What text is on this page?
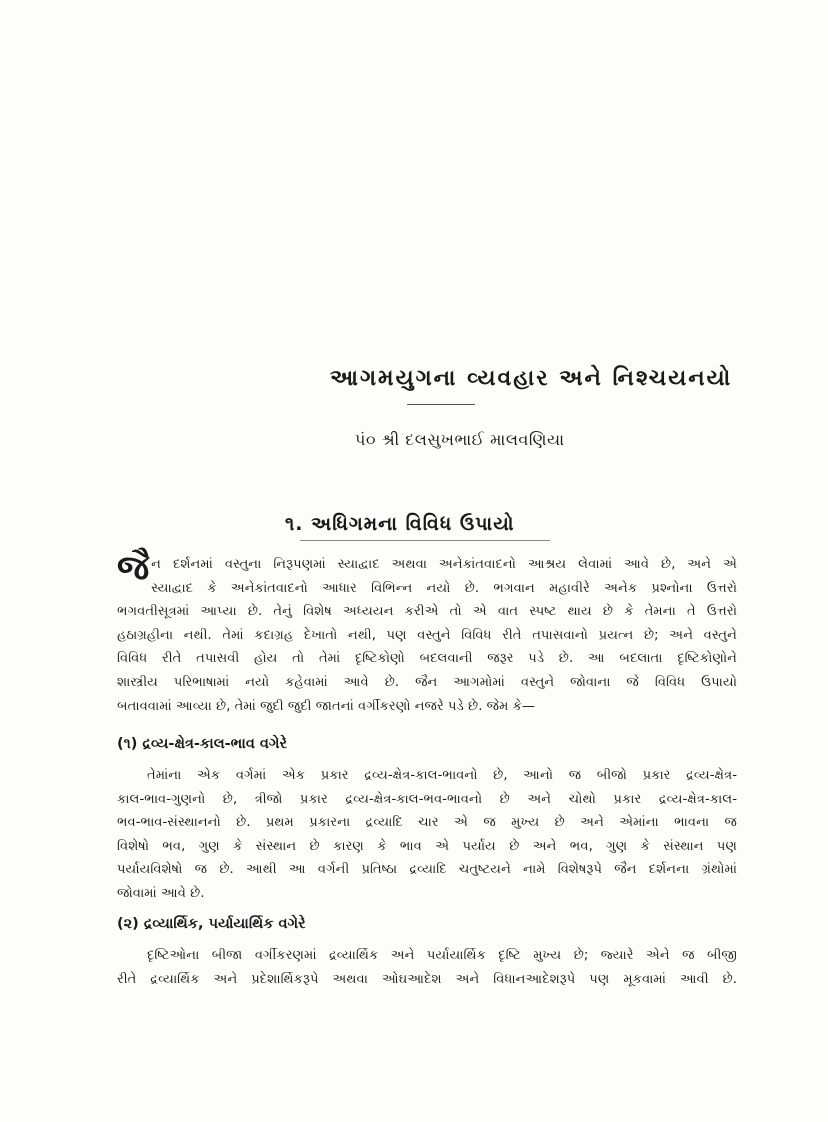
આગમયુગના વ્યવહાર અને નિશ્ચયનયો
પં૦ શ્રી દલસુખભાઈ માલવણિયા
૧. અધિગમના વિવિધ ઉપાયો
જૈ ન દર્શનમાં વસ્તુના નિરૂપણમાં સ્યાદ્વાદ અથવા અનેકાંતવાદનો આશ્રય લેવામાં આવે છે, અને એ
સ્યાદ્વાદ કે અનેકાંતવાદનો આધાર વિભિન્ન નયો છે. ભગવાન મહાવીરે અનેક પ્રશ્નોના ઉત્તરો
ભગવતીસૂત્રમાં આપ્યા છે. તેનું વિશેષ અધ્યયન કરીએ તો એ વાત સ્પષ્ટ થાય છે કે તેમના તે ઉત્તરો
હઠાગ્રહીના નથી. તેમાં કદાગ્રહ દેખાતો નથી, પણ વસ્તુને વિવિધ રીતે તપાસવાનો પ્રયત્ન છે; અને વસ્તુને
વિવિધ રીતે તપાસવી હોય તો તેમાં દૃષ્ટિકોણો બદલવાની જરૂર પડે છે. આ બદલાતા દૃષ્ટિકોણોને
શાસ્ત્રીય પરિભાષામાં નયો કહેવામાં આવે છે. જૈન આગમોમાં વસ્તુને જોવાના જે વિવિધ ઉપાયો
બતાવવામાં આવ્યા છે, તેમાં જુદી જુદી જાતનાં વર્ગીકરણો નજરે પડે છે. જેમ કે—
(૧) દ્રવ્ય-ક્ષેત્ર-કાલ-ભાવ વગેરે
તેમાંના એક વર્ગમાં એક પ્રકાર દ્રવ્ય-ક્ષેત્ર-કાલ-ભાવનો છે, આનો જ બીજો પ્રકાર દ્રવ્ય-ક્ષેત્ર-
કાલ-ભાવ-ગુણનો છે, ત્રીજો પ્રકાર દ્રવ્ય-ક્ષેત્ર-કાલ-ભવ-ભાવનો છે અને ચોથો પ્રકાર દ્રવ્ય-ક્ષેત્ર-કાલ-
ભવ-ભાવ-સંસ્થાનનો છે. પ્રથમ પ્રકારના દ્રવ્યાદિ ચાર એ જ મુખ્ય છે અને એમાંના ભાવના જ
વિશેષો ભવ, ગુણ કે સંસ્થાન છે કારણ કે ભાવ એ પર્યાય છે અને ભવ, ગુણ કે સંસ્થાન પણ
પર્યાયવિશેષો જ છે. આથી આ વર્ગની પ્રતિષ્ઠા દ્રવ્યાદિ ચતુષ્ટયને નામે વિશેષરૂપે જૈન દર્શનના ગ્રંથોમાં
જોવામાં આવે છે.
(૨) દ્રવ્યાર્થિક, પર્યાયાર્થિક વગેરે
દૃષ્ટિઓના બીજા વર્ગીકરણમાં દ્રવ્યાર્થિક અને પર્યાયાર્થિક દૃષ્ટિ મુખ્ય છે; જ્યારે એને જ બીજી
રીતે દ્રવ્યાર્થિક અને પ્રદેશાર્થિકરૂપે અથવા ઓઘઆદેશ અને વિધાનઆદેશરૂપે પણ મૂકવામાં આવી છે.
